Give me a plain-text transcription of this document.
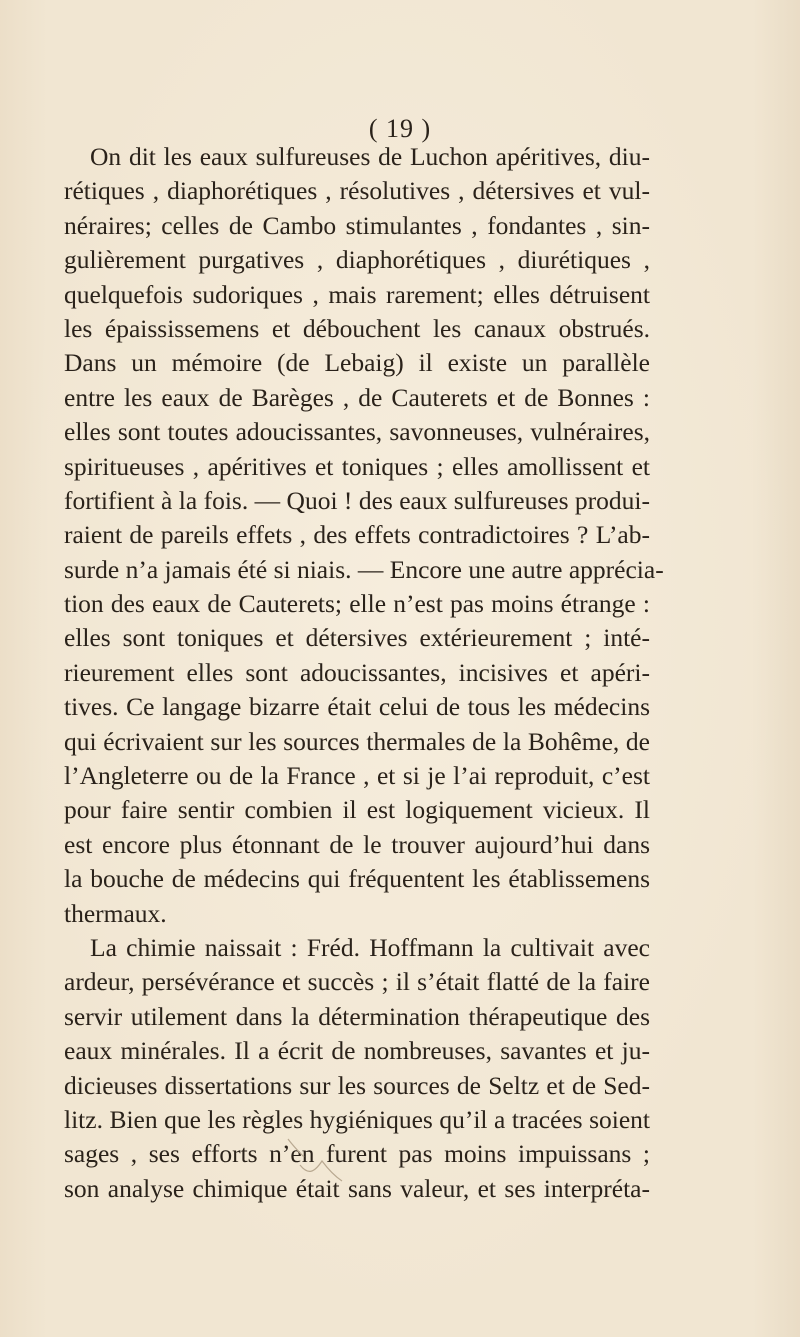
( 19 )
On dit les eaux sulfureuses de Luchon apéritives, diu-
rétiques , diaphorétiques , résolutives , détersives et vul-
néraires; celles de Cambo stimulantes , fondantes , sin-
gulièrement purgatives , diaphorétiques , diurétiques ,
quelquefois sudoriques , mais rarement; elles détruisent
les épaississemens et débouchent les canaux obstrués.
Dans un mémoire (de Lebaig) il existe un parallèle
entre les eaux de Barèges , de Cauterets et de Bonnes :
elles sont toutes adoucissantes, savonneuses, vulnéraires,
spiritueuses , apéritives et toniques ; elles amollissent et
fortifient à la fois. — Quoi ! des eaux sulfureuses produi-
raient de pareils effets , des effets contradictoires ? L’ab-
surde n’a jamais été si niais. — Encore une autre apprécia-
tion des eaux de Cauterets; elle n’est pas moins étrange :
elles sont toniques et détersives extérieurement ; inté-
rieurement elles sont adoucissantes, incisives et apéri-
tives. Ce langage bizarre était celui de tous les médecins
qui écrivaient sur les sources thermales de la Bohême, de
l’Angleterre ou de la France , et si je l’ai reproduit, c’est
pour faire sentir combien il est logiquement vicieux. Il
est encore plus étonnant de le trouver aujourd’hui dans
la bouche de médecins qui fréquentent les établissemens
thermaux.
La chimie naissait : Fréd. Hoffmann la cultivait avec
ardeur, persévérance et succès ; il s’était flatté de la faire
servir utilement dans la détermination thérapeutique des
eaux minérales. Il a écrit de nombreuses, savantes et ju-
dicieuses dissertations sur les sources de Seltz et de Sed-
litz. Bien que les règles hygiéniques qu’il a tracées soient
sages , ses efforts n’en furent pas moins impuissans ;
son analyse chimique était sans valeur, et ses interpréta-
